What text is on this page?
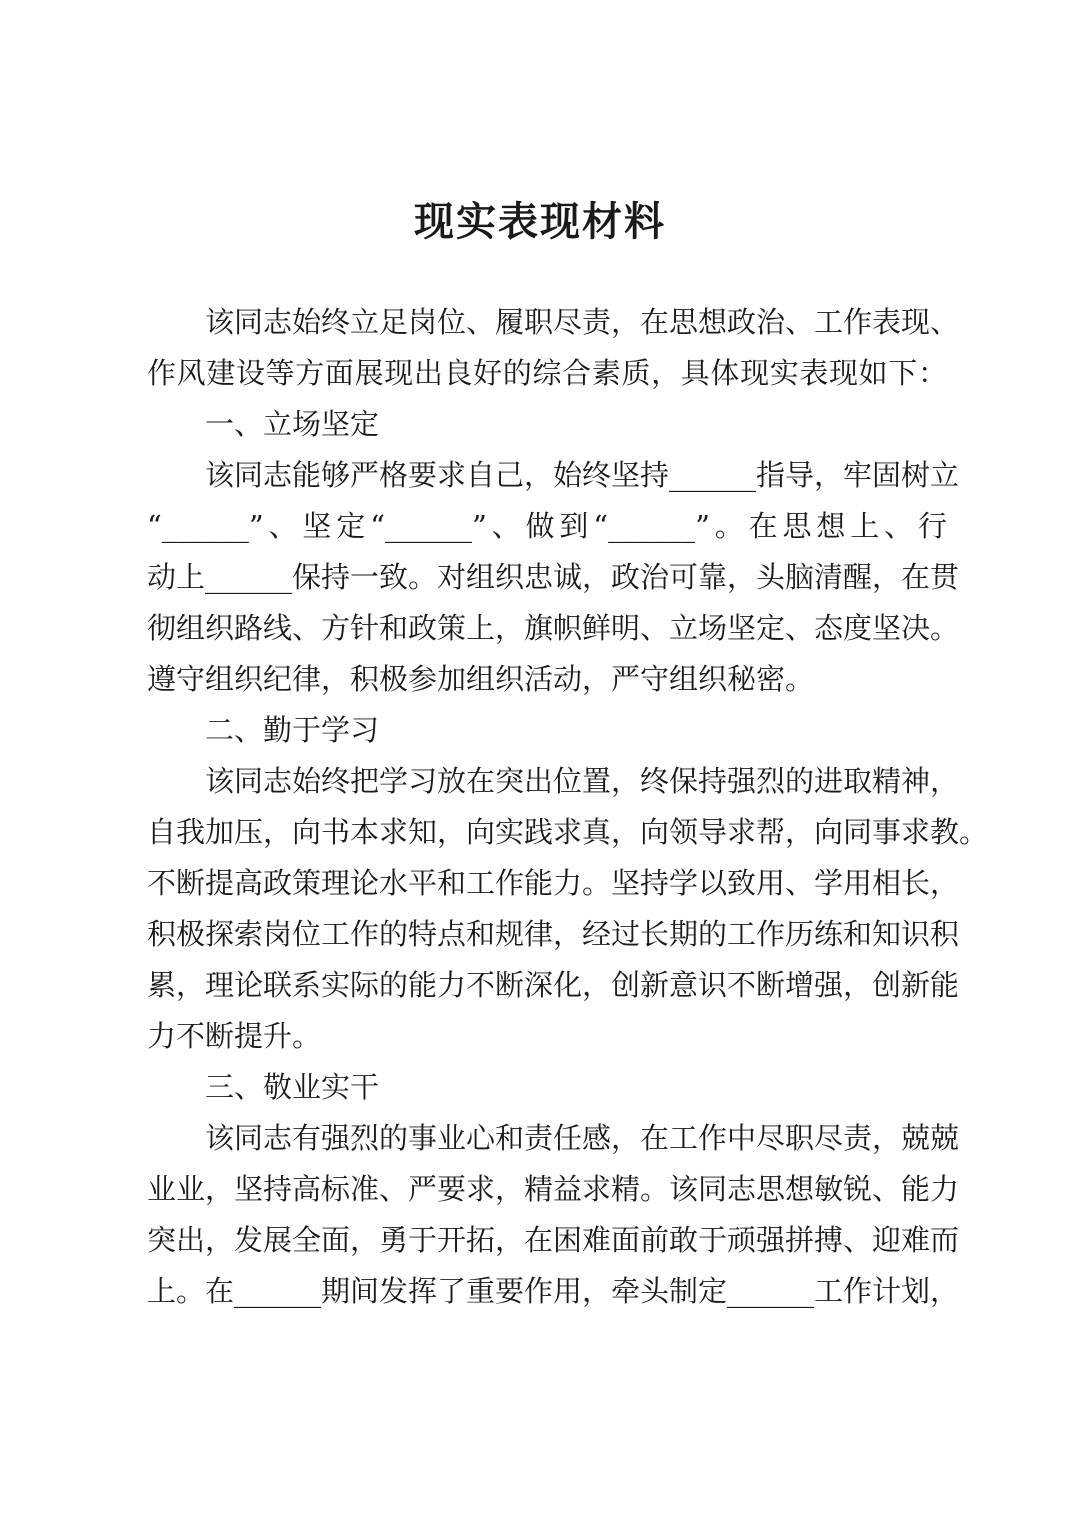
现实表现材料
该同志始终立足岗位、履职尽责，在思想政治、工作表现、
作风建设等方面展现出良好的综合素质，具体现实表现如下：
一、立场坚定
该同志能够严格要求自己，始终坚持______指导，牢固树立
“______”、坚定“______”、做到“______”。在思想上、行
动上______保持一致。对组织忠诚，政治可靠，头脑清醒，在贯
彻组织路线、方针和政策上，旗帜鲜明、立场坚定、态度坚决。
遵守组织纪律，积极参加组织活动，严守组织秘密。
二、勤于学习
该同志始终把学习放在突出位置，终保持强烈的进取精神，
自我加压，向书本求知，向实践求真，向领导求帮，向同事求教。
不断提高政策理论水平和工作能力。坚持学以致用、学用相长，
积极探索岗位工作的特点和规律，经过长期的工作历练和知识积
累，理论联系实际的能力不断深化，创新意识不断增强，创新能
力不断提升。
三、敬业实干
该同志有强烈的事业心和责任感，在工作中尽职尽责，兢兢
业业，坚持高标准、严要求，精益求精。该同志思想敏锐、能力
突出，发展全面，勇于开拓，在困难面前敢于顽强拼搏、迎难而
上。在______期间发挥了重要作用，牵头制定______工作计划，
